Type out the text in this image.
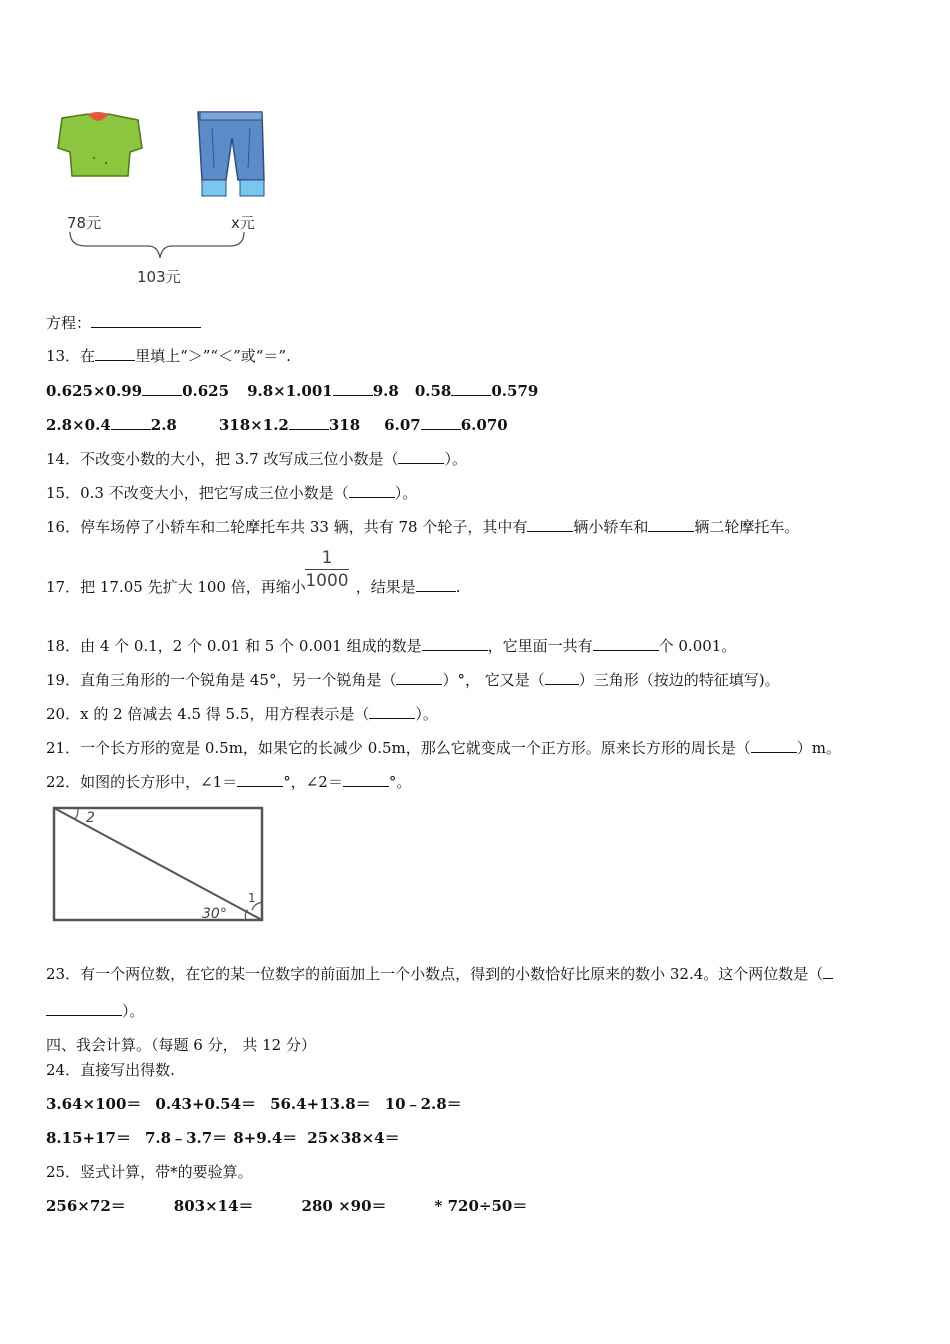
78元	x元
103元
方程：
13．在	里填上“＞”“＜”或“＝”.
0.625×0.99	0.625 9.8×1.001	9.8 0.58	0.579
2.8×0.4	2.8	318×1.2	318 6.07	6.070
14．不改变小数的大小，把 3.7 改写成三位小数是（	）。
15．0.3 不改变大小，把它写成三位小数是（	）。
16．停车场停了小轿车和二轮摩托车共 33 辆，共有 78 个轮子，其中有	辆小轿车和	辆二轮摩托车。
17．把 17.05 先扩大 100 倍，再缩小	，结果是	.
1
1000
18．由 4 个 0.1，2 个 0.01 和 5 个 0.001 组成的数是	，它里面一共有	个 0.001。
19．直角三角形的一个锐角是 45°，另一个锐角是（	）°， 它又是（ ）三角形（按边的特征填写)。
20．x 的 2 倍减去 4.5 得 5.5，用方程表示是（	）。
21．一个长方形的宽是 0.5m，如果它的长减少 0.5m，那么它就变成一个正方形。原来长方形的周长是（	）m。
22．如图的长方形中，∠1＝	°，∠2＝	°。
2
1
30°
23．有一个两位数，在它的某一位数字的前面加上一个小数点，得到的小数恰好比原来的数小 32.4。这个两位数是（
）。
四、我会计算。（每题 6 分， 共 12 分）
24．直接写出得数.
3.64×100＝ 0.43+0.54＝ 56.4+13.8＝ 10﹣2.8＝
8.15+17＝ 7.8﹣3.7＝ 8+9.4＝ 25×38×4＝
25．竖式计算，带*的要验算。
256×72＝	803×14＝	280 ×90＝	* 720÷50＝
